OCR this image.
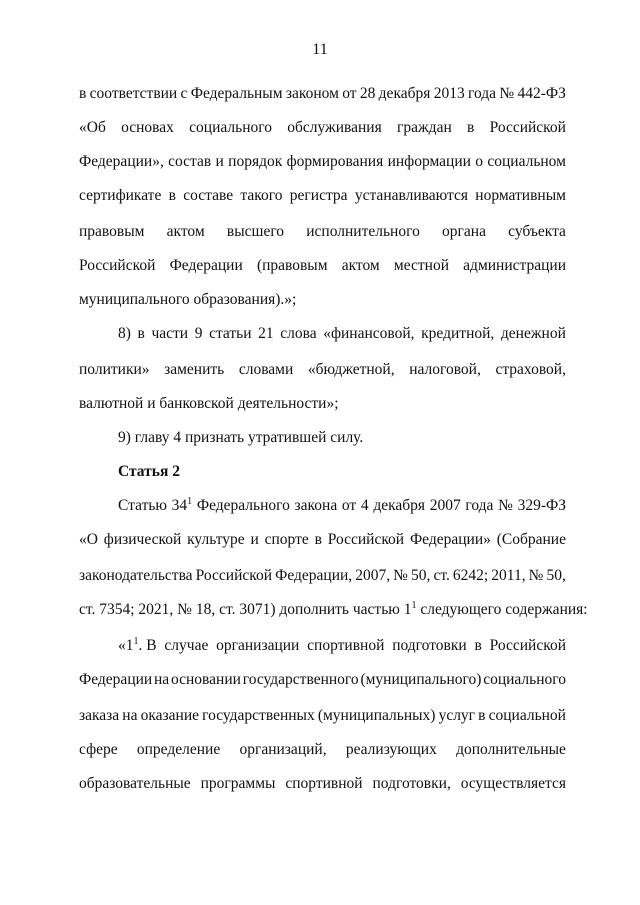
11
в соответствии с Федеральным законом от 28 декабря 2013 года № 442-ФЗ
«Об основах социального обслуживания граждан в Российской
Федерации», состав и порядок формирования информации о социальном
сертификате в составе такого регистра устанавливаются нормативным
правовым актом высшего исполнительного органа субъекта
Российской Федерации (правовым актом местной администрации
муниципального образования).»;
8) в части 9 статьи 21 слова «финансовой, кредитной, денежной
политики» заменить словами «бюджетной, налоговой, страховой,
валютной и банковской деятельности»;
9) главу 4 признать утратившей силу.
Статья 2
Статью $34^1$ Федерального закона от 4 декабря 2007 года № 329-ФЗ
«О физической культуре и спорте в Российской Федерации» (Собрание
законодательства Российской Федерации, 2007, № 50, ст. 6242; 2011, № 50,
ст. 7354; 2021, № 18, ст. 3071) дополнить частью $1^1$ следующего содержания:
«$1^1$. В случае организации спортивной подготовки в Российской
Федерации на основании государственного (муниципального) социального
заказа на оказание государственных (муниципальных) услуг в социальной
сфере определение организаций, реализующих дополнительные
образовательные программы спортивной подготовки, осуществляется
